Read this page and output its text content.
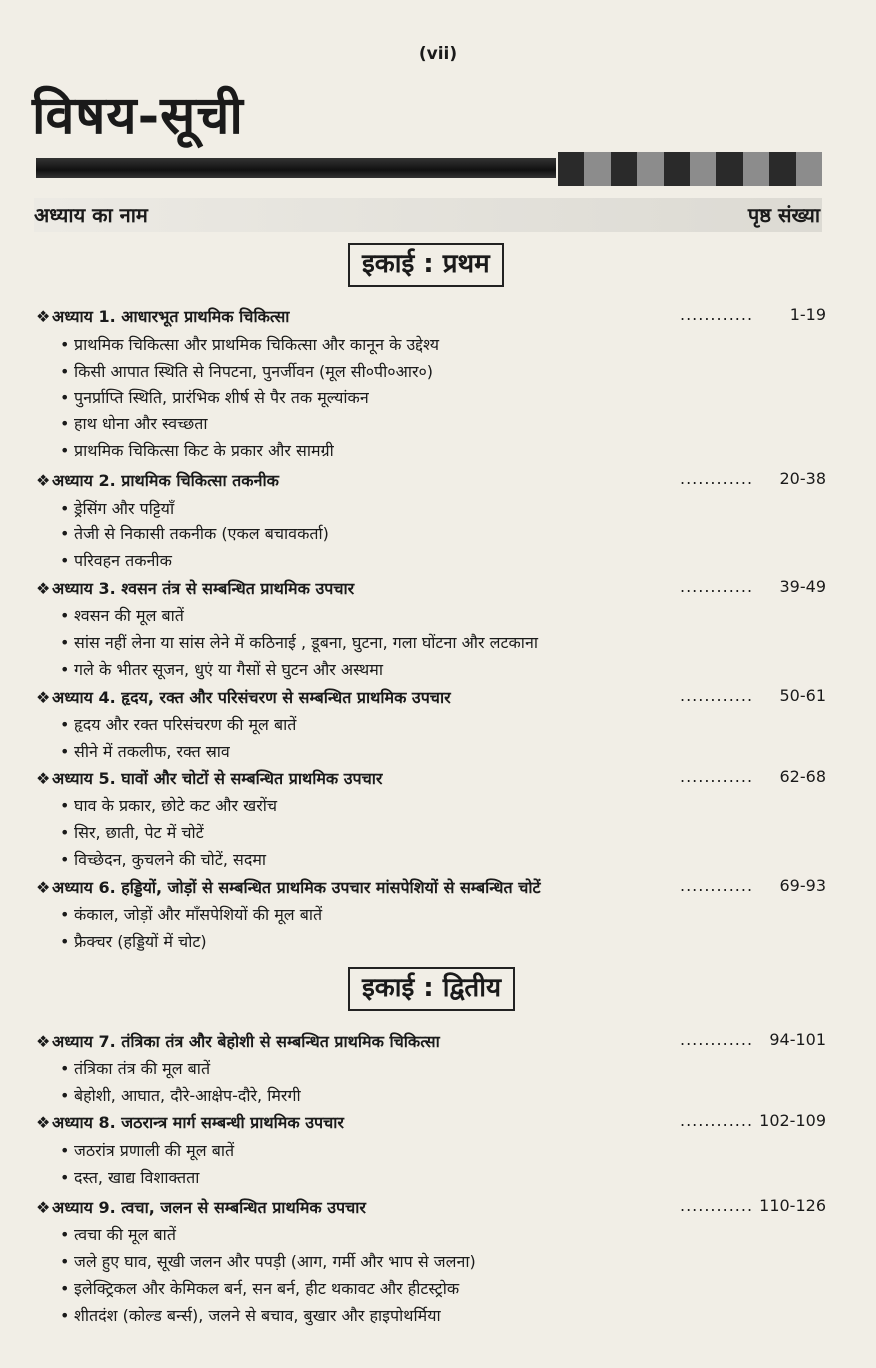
(vii)
विषय-सूची
अध्याय का नाम	पृष्ठ संख्या
इकाई : प्रथम
❖ अध्याय 1. आधारभूत प्राथमिक चिकित्सा	............ 1-19
• प्राथमिक चिकित्सा और प्राथमिक चिकित्सा और कानून के उद्देश्य
• किसी आपात स्थिति से निपटना, पुनर्जीवन (मूल सी०पी०आर०)
• पुनर्प्राप्ति स्थिति, प्रारंभिक शीर्ष से पैर तक मूल्यांकन
• हाथ धोना और स्वच्छता
• प्राथमिक चिकित्सा किट के प्रकार और सामग्री
❖ अध्याय 2. प्राथमिक चिकित्सा तकनीक	............ 20-38
• ड्रेसिंग और पट्टियाँ
• तेजी से निकासी तकनीक (एकल बचावकर्ता)
• परिवहन तकनीक
❖ अध्याय 3. श्वसन तंत्र से सम्बन्धित प्राथमिक उपचार	............ 39-49
• श्वसन की मूल बातें
• सांस नहीं लेना या सांस लेने में कठिनाई , डूबना, घुटना, गला घोंटना और लटकाना
• गले के भीतर सूजन, धुएं या गैसों से घुटन और अस्थमा
❖ अध्याय 4. हृदय, रक्त और परिसंचरण से सम्बन्धित प्राथमिक उपचार	............ 50-61
• हृदय और रक्त परिसंचरण की मूल बातें
• सीने में तकलीफ, रक्त स्राव
❖ अध्याय 5. घावों और चोटों से सम्बन्धित प्राथमिक उपचार	............ 62-68
• घाव के प्रकार, छोटे कट और खरोंच
• सिर, छाती, पेट में चोटें
• विच्छेदन, कुचलने की चोटें, सदमा
❖ अध्याय 6. हड्डियों, जोड़ों से सम्बन्धित प्राथमिक उपचार मांसपेशियों से सम्बन्धित चोटें	............ 69-93
• कंकाल, जोड़ों और माँसपेशियों की मूल बातें
• फ्रैक्चर (हड्डियों में चोट)
इकाई : द्वितीय
❖ अध्याय 7. तंत्रिका तंत्र और बेहोशी से सम्बन्धित प्राथमिक चिकित्सा	............ 94-101
• तंत्रिका तंत्र की मूल बातें
• बेहोशी, आघात, दौरे-आक्षेप-दौरे, मिरगी
❖ अध्याय 8. जठरान्त्र मार्ग सम्बन्धी प्राथमिक उपचार	............ 102-109
• जठरांत्र प्रणाली की मूल बातें
• दस्त, खाद्य विशाक्तता
❖ अध्याय 9. त्वचा, जलन से सम्बन्धित प्राथमिक उपचार	............ 110-126
• त्वचा की मूल बातें
• जले हुए घाव, सूखी जलन और पपड़ी (आग, गर्मी और भाप से जलना)
• इलेक्ट्रिकल और केमिकल बर्न, सन बर्न, हीट थकावट और हीटस्ट्रोक
• शीतदंश (कोल्ड बर्न्स), जलने से बचाव, बुखार और हाइपोथर्मिया
